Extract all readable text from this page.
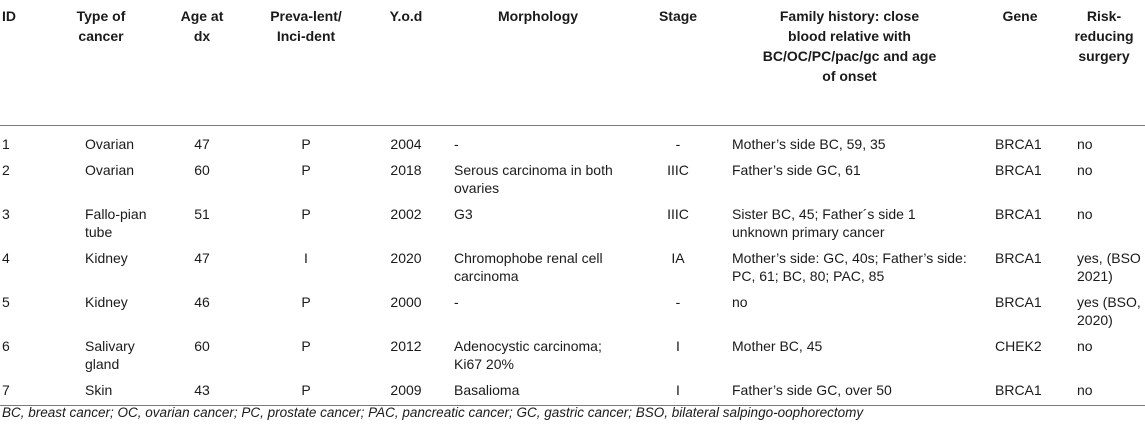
ID	Type of cancer	Age at dx	Preva-lent/ Inci-dent	Y.o.d	Morphology	Stage	Family history: close blood relative with BC/OC/PC/pac/gc and age of onset	Gene	Risk-reducing surgery

1	Ovarian	47	P	2004	-	-	Mother’s side BC, 59, 35	BRCA1	no
2	Ovarian	60	P	2018	Serous carcinoma in both ovaries	IIIC	Father’s side GC, 61	BRCA1	no
3	Fallo-pian tube	51	P	2002	G3	IIIC	Sister BC, 45; Father´s side 1 unknown primary cancer	BRCA1	no
4	Kidney	47	I	2020	Chromophobe renal cell carcinoma	IA	Mother’s side: GC, 40s; Father’s side: PC, 61; BC, 80; PAC, 85	BRCA1	yes, (BSO 2021)
5	Kidney	46	P	2000	-	-	no	BRCA1	yes (BSO, 2020)
6	Salivary gland	60	P	2012	Adenocystic carcinoma; Ki67 20%	I	Mother BC, 45	CHEK2	no
7	Skin	43	P	2009	Basalioma	I	Father’s side GC, over 50	BRCA1	no
BC, breast cancer; OC, ovarian cancer; PC, prostate cancer; PAC, pancreatic cancer; GC, gastric cancer; BSO, bilateral salpingo-oophorectomy
